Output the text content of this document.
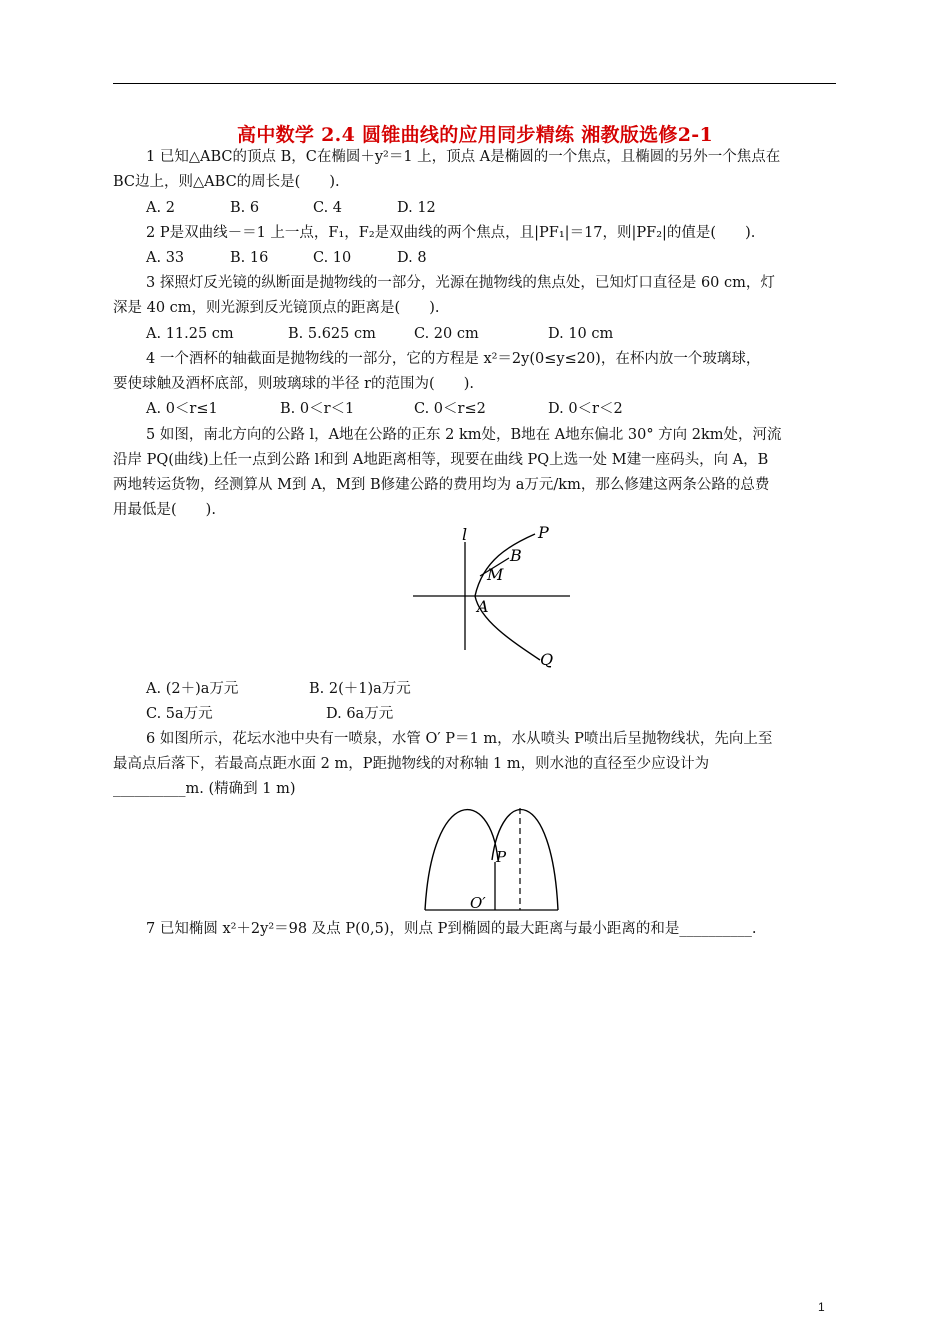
高中数学 2.4 圆锥曲线的应用同步精练 湘教版选修2-1
1 已知△ABC的顶点 B，C在椭圆＋y²＝1 上，顶点 A是椭圆的一个焦点，且椭圆的另外一个焦点在
BC边上，则△ABC的周长是(　　).
A. 2	B. 6	C. 4	D. 12
2 P是双曲线－＝1 上一点，F₁，F₂是双曲线的两个焦点，且|PF₁|＝17，则|PF₂|的值是(　　).
A. 33	B. 16	C. 10	D. 8
3 探照灯反光镜的纵断面是抛物线的一部分，光源在抛物线的焦点处，已知灯口直径是 60 cm，灯
深是 40 cm，则光源到反光镜顶点的距离是(　　).
A. 11.25 cm	B. 5.625 cm	C. 20 cm	D. 10 cm
4 一个酒杯的轴截面是抛物线的一部分，它的方程是 x²＝2y(0≤y≤20)，在杯内放一个玻璃球，
要使球触及酒杯底部，则玻璃球的半径 r的范围为(　　).
A. 0＜r≤1	B. 0＜r＜1	C. 0＜r≤2	D. 0＜r＜2
5 如图，南北方向的公路 l，A地在公路的正东 2 km处，B地在 A地东偏北 30° 方向 2km处，河流
沿岸 PQ(曲线)上任一点到公路 l和到 A地距离相等，现要在曲线 PQ上选一处 M建一座码头，向 A，B
两地转运货物，经测算从 M到 A，M到 B修建公路的费用均为 a万元/km，那么修建这两条公路的总费
用最低是(　　).
l	P
B
M
A
Q
A. (2＋)a万元	B. 2(＋1)a万元
C. 5a万元	D. 6a万元
6 如图所示，花坛水池中央有一喷泉，水管 O′ P＝1 m，水从喷头 P喷出后呈抛物线状，先向上至
最高点后落下，若最高点距水面 2 m，P距抛物线的对称轴 1 m，则水池的直径至少应设计为
__________m. (精确到 1 m)
P
O′
7 已知椭圆 x²＋2y²＝98 及点 P(0,5)，则点 P到椭圆的最大距离与最小距离的和是__________.
1
